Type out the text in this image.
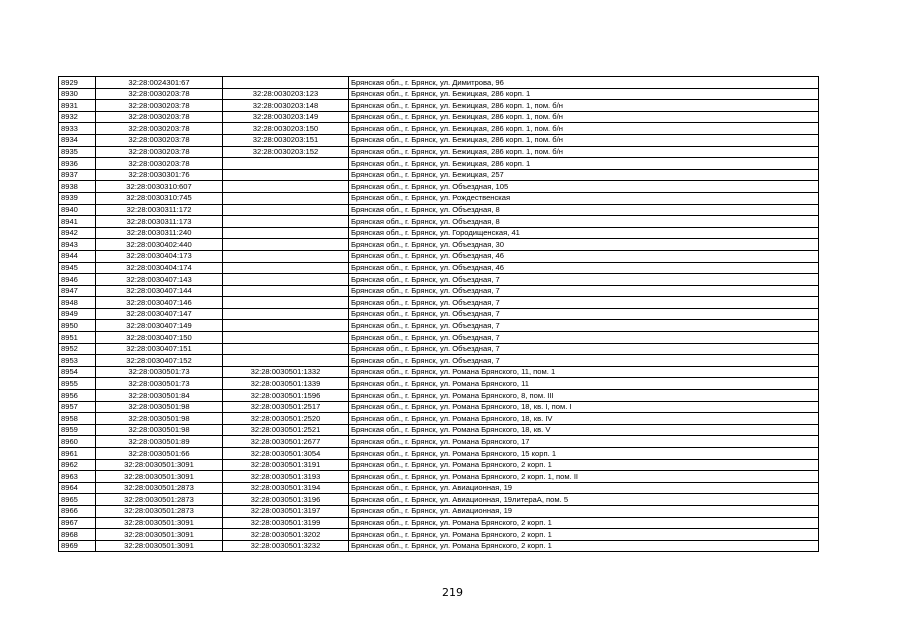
8929	32:28:0024301:67		Брянская обл., г. Брянск, ул. Димитрова, 96
8930	32:28:0030203:78	32:28:0030203:123	Брянская обл., г. Брянск, ул. Бежицкая, 286 корп. 1
8931	32:28:0030203:78	32:28:0030203:148	Брянская обл., г. Брянск, ул. Бежицкая, 286 корп. 1, пом. б/н
8932	32:28:0030203:78	32:28:0030203:149	Брянская обл., г. Брянск, ул. Бежицкая, 286 корп. 1, пом. б/н
8933	32:28:0030203:78	32:28:0030203:150	Брянская обл., г. Брянск, ул. Бежицкая, 286 корп. 1, пом. б/н
8934	32:28:0030203:78	32:28:0030203:151	Брянская обл., г. Брянск, ул. Бежицкая, 286 корп. 1, пом. б/н
8935	32:28:0030203:78	32:28:0030203:152	Брянская обл., г. Брянск, ул. Бежицкая, 286 корп. 1, пом. б/н
8936	32:28:0030203:78		Брянская обл., г. Брянск, ул. Бежицкая, 286 корп. 1
8937	32:28:0030301:76		Брянская обл., г. Брянск, ул. Бежицкая, 257
8938	32:28:0030310:607		Брянская обл., г. Брянск, ул. Объездная, 105
8939	32:28:0030310:745		Брянская обл., г. Брянск, ул. Рождественская
8940	32:28:0030311:172		Брянская обл., г. Брянск, ул. Объездная, 8
8941	32:28:0030311:173		Брянская обл., г. Брянск, ул. Объездная, 8
8942	32:28:0030311:240		Брянская обл., г. Брянск, ул. Городищенская, 41
8943	32:28:0030402:440		Брянская обл., г. Брянск, ул. Объездная, 30
8944	32:28:0030404:173		Брянская обл., г. Брянск, ул. Объездная, 46
8945	32:28:0030404:174		Брянская обл., г. Брянск, ул. Объездная, 46
8946	32:28:0030407:143		Брянская обл., г. Брянск, ул. Объездная, 7
8947	32:28:0030407:144		Брянская обл., г. Брянск, ул. Объездная, 7
8948	32:28:0030407:146		Брянская обл., г. Брянск, ул. Объездная, 7
8949	32:28:0030407:147		Брянская обл., г. Брянск, ул. Объездная, 7
8950	32:28:0030407:149		Брянская обл., г. Брянск, ул. Объездная, 7
8951	32:28:0030407:150		Брянская обл., г. Брянск, ул. Объездная, 7
8952	32:28:0030407:151		Брянская обл., г. Брянск, ул. Объездная, 7
8953	32:28:0030407:152		Брянская обл., г. Брянск, ул. Объездная, 7
8954	32:28:0030501:73	32:28:0030501:1332	Брянская обл., г. Брянск, ул. Романа Брянского, 11, пом. 1
8955	32:28:0030501:73	32:28:0030501:1339	Брянская обл., г. Брянск, ул. Романа Брянского, 11
8956	32:28:0030501:84	32:28:0030501:1596	Брянская обл., г. Брянск, ул. Романа Брянского, 8, пом. III
8957	32:28:0030501:98	32:28:0030501:2517	Брянская обл., г. Брянск, ул. Романа Брянского, 18, кв. I, пом. I
8958	32:28:0030501:98	32:28:0030501:2520	Брянская обл., г. Брянск, ул. Романа Брянского, 18, кв. IV
8959	32:28:0030501:98	32:28:0030501:2521	Брянская обл., г. Брянск, ул. Романа Брянского, 18, кв. V
8960	32:28:0030501:89	32:28:0030501:2677	Брянская обл., г. Брянск, ул. Романа Брянского, 17
8961	32:28:0030501:66	32:28:0030501:3054	Брянская обл., г. Брянск, ул. Романа Брянского, 15 корп. 1
8962	32:28:0030501:3091	32:28:0030501:3191	Брянская обл., г. Брянск, ул. Романа Брянского, 2 корп. 1
8963	32:28:0030501:3091	32:28:0030501:3193	Брянская обл., г. Брянск, ул. Романа Брянского, 2 корп. 1, пом. II
8964	32:28:0030501:2873	32:28:0030501:3194	Брянская обл., г. Брянск, ул. Авиационная, 19
8965	32:28:0030501:2873	32:28:0030501:3196	Брянская обл., г. Брянск, ул. Авиационная, 19литераА, пом. 5
8966	32:28:0030501:2873	32:28:0030501:3197	Брянская обл., г. Брянск, ул. Авиационная, 19
8967	32:28:0030501:3091	32:28:0030501:3199	Брянская обл., г. Брянск, ул. Романа Брянского, 2 корп. 1
8968	32:28:0030501:3091	32:28:0030501:3202	Брянская обл., г. Брянск, ул. Романа Брянского, 2 корп. 1
8969	32:28:0030501:3091	32:28:0030501:3232	Брянская обл., г. Брянск, ул. Романа Брянского, 2 корп. 1
219
